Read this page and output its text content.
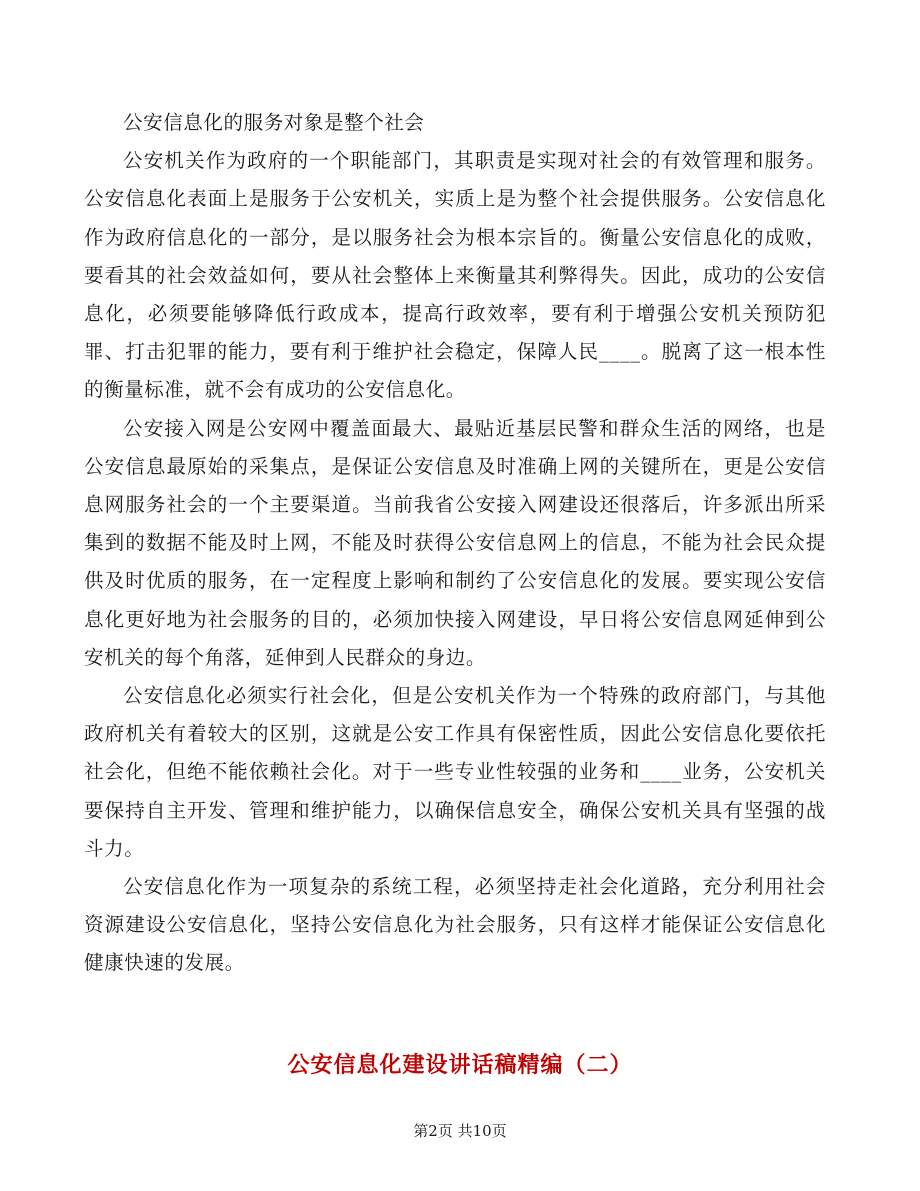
公安信息化的服务对象是整个社会

公安机关作为政府的一个职能部门，其职责是实现对社会的有效管理和服务。公安信息化表面上是服务于公安机关，实质上是为整个社会提供服务。公安信息化作为政府信息化的一部分，是以服务社会为根本宗旨的。衡量公安信息化的成败，要看其的社会效益如何，要从社会整体上来衡量其利弊得失。因此，成功的公安信息化，必须要能够降低行政成本，提高行政效率，要有利于增强公安机关预防犯罪、打击犯罪的能力，要有利于维护社会稳定，保障人民____。脱离了这一根本性的衡量标准，就不会有成功的公安信息化。

公安接入网是公安网中覆盖面最大、最贴近基层民警和群众生活的网络，也是公安信息最原始的采集点，是保证公安信息及时准确上网的关键所在，更是公安信息网服务社会的一个主要渠道。当前我省公安接入网建设还很落后，许多派出所采集到的数据不能及时上网，不能及时获得公安信息网上的信息，不能为社会民众提供及时优质的服务，在一定程度上影响和制约了公安信息化的发展。要实现公安信息化更好地为社会服务的目的，必须加快接入网建设，早日将公安信息网延伸到公安机关的每个角落，延伸到人民群众的身边。

公安信息化必须实行社会化，但是公安机关作为一个特殊的政府部门，与其他政府机关有着较大的区别，这就是公安工作具有保密性质，因此公安信息化要依托社会化，但绝不能依赖社会化。对于一些专业性较强的业务和____业务，公安机关要保持自主开发、管理和维护能力，以确保信息安全，确保公安机关具有坚强的战斗力。

公安信息化作为一项复杂的系统工程，必须坚持走社会化道路，充分利用社会资源建设公安信息化，坚持公安信息化为社会服务，只有这样才能保证公安信息化健康快速的发展。

公安信息化建设讲话稿精编（二）
第2页 共10页
